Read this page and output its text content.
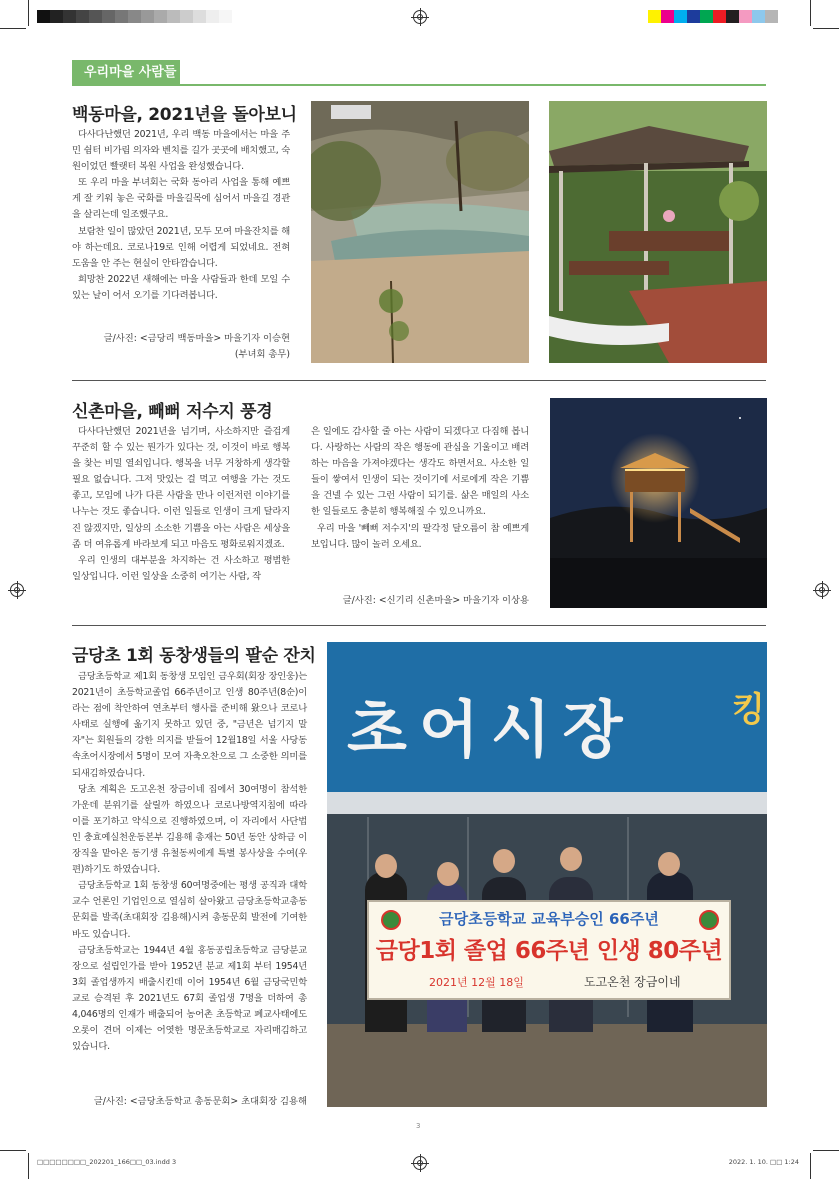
우리마을 사람들
백동마을, 2021년을 돌아보니

다사다난했던 2021년, 우리 백동 마을에서는 마을 주민 쉼터 비가림 의자와 벤치를 길가 곳곳에 배치했고, 숙원이었던 빨랫터 복원 사업을 완성했습니다.

또 우리 마을 부녀회는 국화 동아리 사업을 통해 예쁘게 잘 키워 놓은 국화를 마을길목에 심어서 마을길 경관을 살리는데 일조했구요.

보람찬 일이 많았던 2021년, 모두 모여 마을잔치를 해야 하는데요. 코로나19로 인해 어렵게 되었네요. 전혀 도움을 안 주는 현실이 안타깝습니다.

희망찬 2022년 새해에는 마을 사람들과 한데 모일 수 있는 날이 어서 오기를 기다려봅니다.

글/사진: <금당리 백동마을> 마을기자 이승현
(부녀회 총무)
신촌마을, 빼뻐 저수지 풍경

다사다난했던 2021년을 넘기며, 사소하지만 즐겁게 꾸준히 할 수 있는 뭔가가 있다는 것, 이것이 바로 행복을 찾는 비밀 열쇠입니다. 행복을 너무 거창하게 생각할 필요 없습니다. 그저 맛있는 걸 먹고 여행을 가는 것도 좋고, 모임에 나가 다른 사람을 만나 이런저런 이야기를 나누는 것도 좋습니다. 이런 일들로 인생이 크게 달라지진 않겠지만, 일상의 소소한 기쁨을 아는 사람은 세상을 좀 더 여유롭게 바라보게 되고 마음도 평화로워지겠죠.

우리 인생의 대부분을 차지하는 건 사소하고 평범한 일상입니다. 이런 일상을 소중히 여기는 사람, 작

은 일에도 감사할 줄 아는 사람이 되겠다고 다짐해 봅니다. 사랑하는 사람의 작은 행동에 관심을 기울이고 배려하는 마음을 가져야겠다는 생각도 하면서요. 사소한 일들이 쌓여서 인생이 되는 것이기에 서로에게 작은 기쁨을 건넬 수 있는 그런 사람이 되기를. 삶은 매일의 사소한 일들로도 충분히 행복해질 수 있으니까요.

우리 마을 '빼뻐 저수지'의 팔각정 달오름이 참 예쁘게 보입니다. 많이 놀러 오세요.

글/사진: <신기리 신촌마을> 마을기자 이상용
금당초 1회 동창생들의 팔순 잔치

금당초등학교 제1회 동창생 모임인 금우회(회장 장인웅)는 2021년이 초등학교졸업 66주년이고 인생 80주년(8순)이라는 점에 착안하여 연초부터 행사를 준비해 왔으나 코로나사태로 실행에 옮기지 못하고 있던 중, "금년은 넘기지 말자"는 회원들의 강한 의지를 받들어 12월18일 서울 사당동 속초어시장에서 5명이 모여 자축오찬으로 그 소중한 의미를 되새김하였습니다.

당초 계획은 도고온천 장금이네 집에서 30여명이 참석한 가운데 분위기를 살릴까 하였으나 코로나방역지침에 따라 이를 포기하고 약식으로 진행하였으며, 이 자리에서 사단법인 충효예실천운동본부 김용해 총재는 50년 동안 상하금 이장직을 맡아온 동기생 유철동씨에게 특별 봉사상을 수여(우편)하기도 하였습니다.

금당초등학교 1회 동창생 60여명중에는 평생 공직과 대학교수 언론인 기업인으로 열심히 살아왔고 금당초등학교총동문회를 발족(초대회장 김용해)시켜 총동문회 발전에 기여한 바도 있습니다.

금당초등학교는 1944년 4월 홍동공립초등학교 금당분교장으로 설립인가를 받아 1952년 분교 제1회 부터 1954년 3회 졸업생까지 배출시킨데 이어 1954년 6월 금당국민학교로 승격된 후 2021년도 67회 졸업생 7명을 더하여 총4,046명의 인재가 배출되어 농어촌 초등학교 폐교사태에도 오롯이 견뎌 이제는 어엿한 명문초등학교로 자리매김하고 있습니다.

글/사진: <금당초등학교 총동문회> 초대회장 김용해
초어시장	킹
금당초등학교 교육부승인 66주년
금당1회 졸업 66주년 인생 80주년
2021년 12월 18일	도고온천 장금이네
3
□□□□□□□□_202201_166□□_03.indd 3	2022. 1. 10. □□ 1:24
